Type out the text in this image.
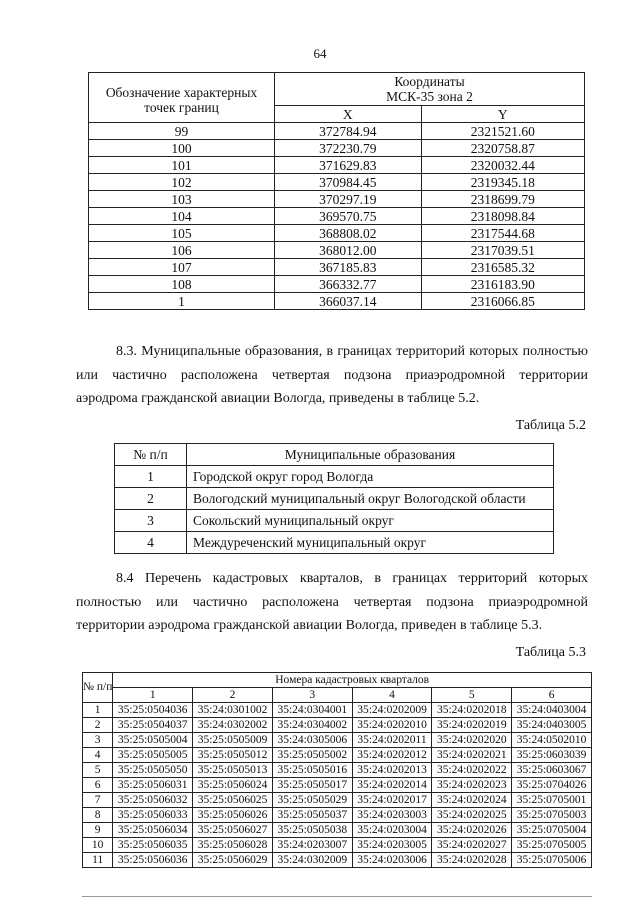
64
Обозначение характерных точек границ	Координаты
МСК-35 зона 2	
	X	Y
99	372784.94	2321521.60
100	372230.79	2320758.87
101	371629.83	2320032.44
102	370984.45	2319345.18
103	370297.19	2318699.79
104	369570.75	2318098.84
105	368808.02	2317544.68
106	368012.00	2317039.51
107	367185.83	2316585.32
108	366332.77	2316183.90
1	366037.14	2316066.85
8.3. Муниципальные образования, в границах территорий которых полностью или частично расположена четвертая подзона приаэродромной территории аэродрома гражданской авиации Вологда, приведены в таблице 5.2.
Таблица 5.2
№ п/п	Муниципальные образования
1	Городской округ город Вологда
2	Вологодский муниципальный округ Вологодской области
3	Сокольский муниципальный округ
4	Междуреченский муниципальный округ
8.4 Перечень кадастровых кварталов, в границах территорий которых полностью или частично расположена четвертая подзона приаэродромной территории аэродрома гражданской авиации Вологда, приведен в таблице 5.3.
Таблица 5.3
№ п/п	Номера кадастровых кварталов					
	1	2	3	4	5	6
1	35:25:0504036	35:24:0301002	35:24:0304001	35:24:0202009	35:24:0202018	35:24:0403004
2	35:25:0504037	35:24:0302002	35:24:0304002	35:24:0202010	35:24:0202019	35:24:0403005
3	35:25:0505004	35:25:0505009	35:24:0305006	35:24:0202011	35:24:0202020	35:24:0502010
4	35:25:0505005	35:25:0505012	35:25:0505002	35:24:0202012	35:24:0202021	35:25:0603039
5	35:25:0505050	35:25:0505013	35:25:0505016	35:24:0202013	35:24:0202022	35:25:0603067
6	35:25:0506031	35:25:0506024	35:25:0505017	35:24:0202014	35:24:0202023	35:25:0704026
7	35:25:0506032	35:25:0506025	35:25:0505029	35:24:0202017	35:24:0202024	35:25:0705001
8	35:25:0506033	35:25:0506026	35:25:0505037	35:24:0203003	35:24:0202025	35:25:0705003
9	35:25:0506034	35:25:0506027	35:25:0505038	35:24:0203004	35:24:0202026	35:25:0705004
10	35:25:0506035	35:25:0506028	35:24:0203007	35:24:0203005	35:24:0202027	35:25:0705005
11	35:25:0506036	35:25:0506029	35:24:0302009	35:24:0203006	35:24:0202028	35:25:0705006
